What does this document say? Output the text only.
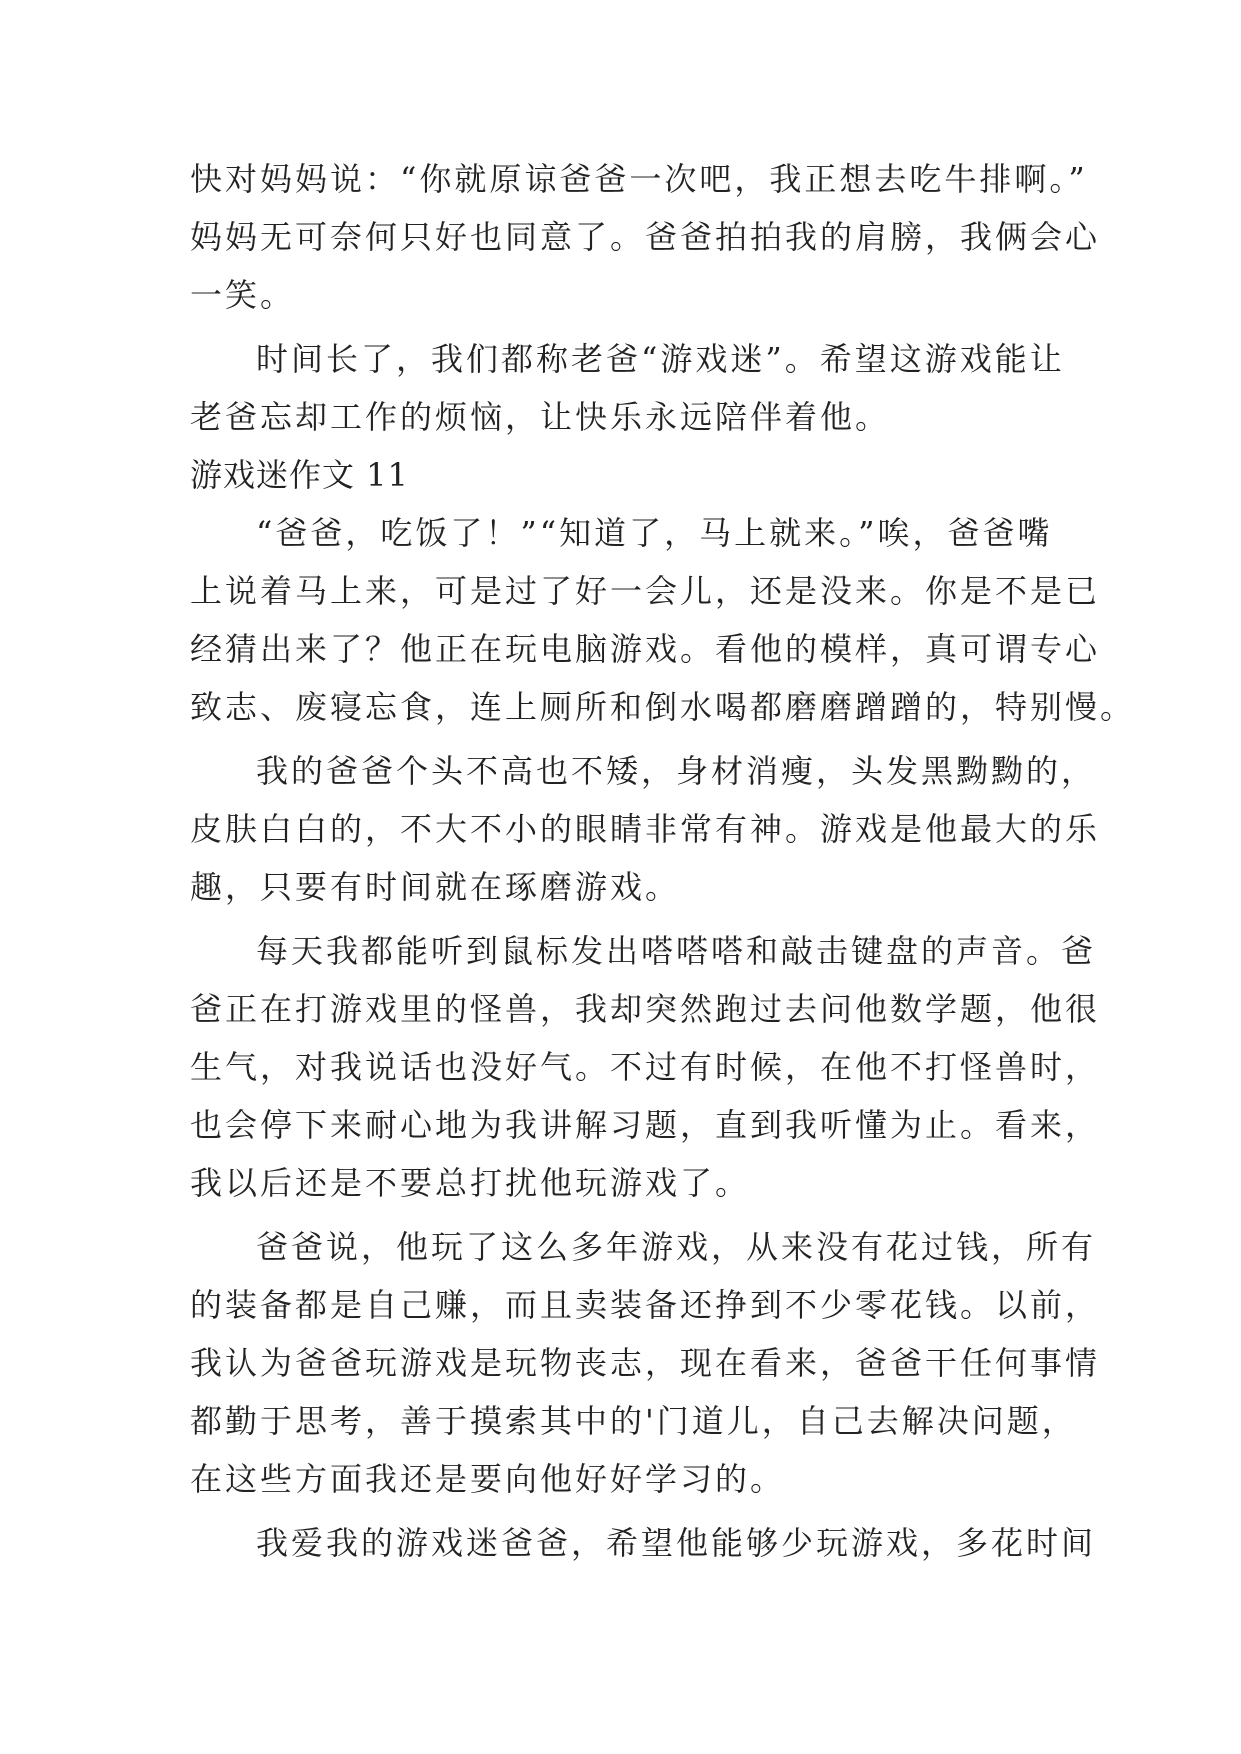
快对妈妈说：“你就原谅爸爸一次吧，我正想去吃牛排啊。”
妈妈无可奈何只好也同意了。爸爸拍拍我的肩膀，我俩会心
一笑。
时间长了，我们都称老爸“游戏迷”。希望这游戏能让
老爸忘却工作的烦恼，让快乐永远陪伴着他。
游戏迷作文 11
“爸爸，吃饭了！”“知道了，马上就来。”唉，爸爸嘴
上说着马上来，可是过了好一会儿，还是没来。你是不是已
经猜出来了？他正在玩电脑游戏。看他的模样，真可谓专心
致志、废寝忘食，连上厕所和倒水喝都磨磨蹭蹭的，特别慢。
我的爸爸个头不高也不矮，身材消瘦，头发黑黝黝的，
皮肤白白的，不大不小的眼睛非常有神。游戏是他最大的乐
趣，只要有时间就在琢磨游戏。
每天我都能听到鼠标发出嗒嗒嗒和敲击键盘的声音。爸
爸正在打游戏里的怪兽，我却突然跑过去问他数学题，他很
生气，对我说话也没好气。不过有时候，在他不打怪兽时，
也会停下来耐心地为我讲解习题，直到我听懂为止。看来，
我以后还是不要总打扰他玩游戏了。
爸爸说，他玩了这么多年游戏，从来没有花过钱，所有
的装备都是自己赚，而且卖装备还挣到不少零花钱。以前，
我认为爸爸玩游戏是玩物丧志，现在看来，爸爸干任何事情
都勤于思考，善于摸索其中的'门道儿，自己去解决问题，
在这些方面我还是要向他好好学习的。
我爱我的游戏迷爸爸，希望他能够少玩游戏，多花时间
